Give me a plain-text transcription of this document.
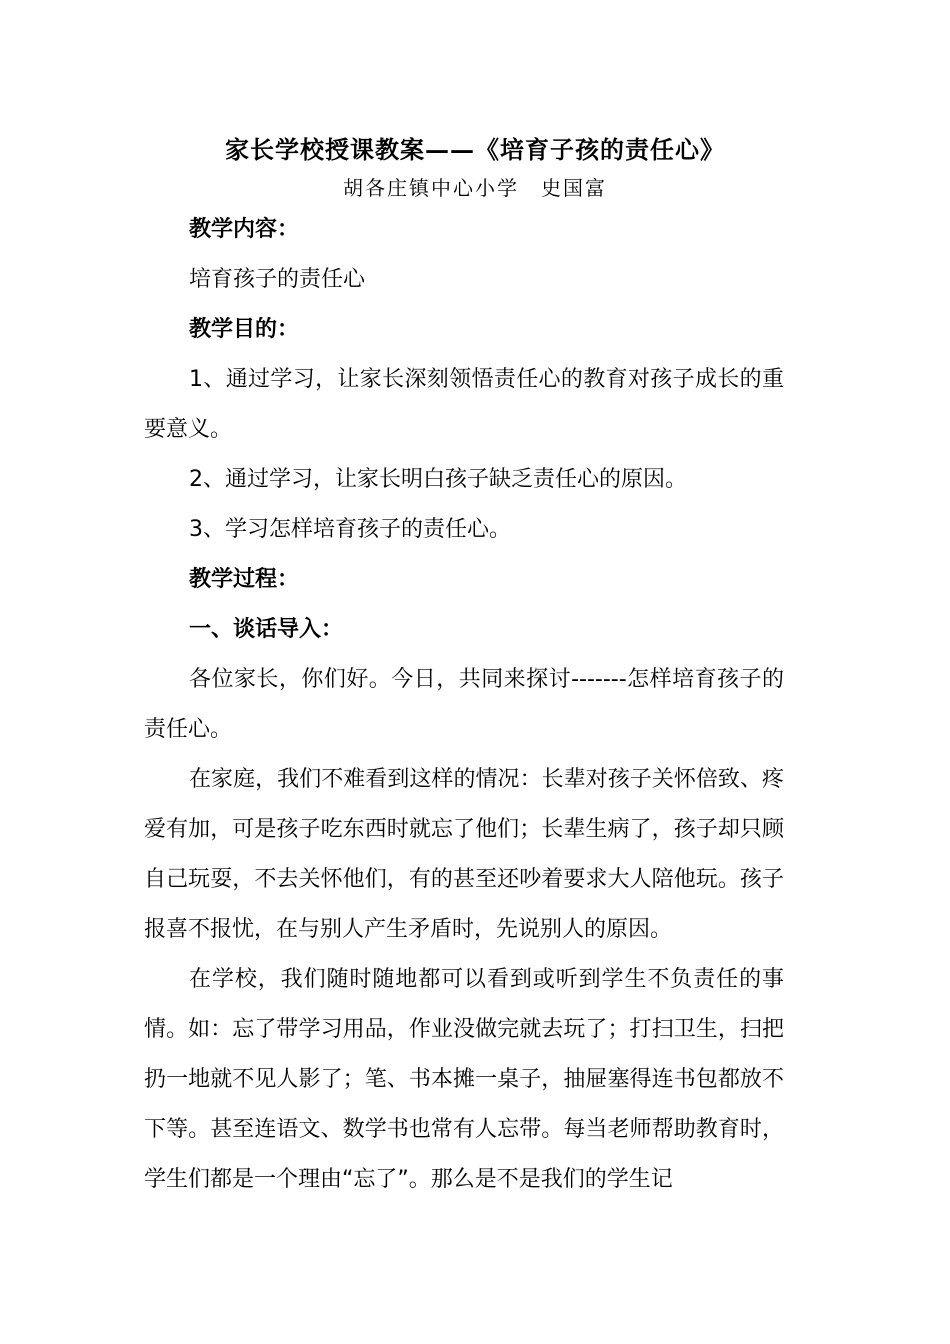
家长学校授课教案——《培育子孩的责任心》
胡各庄镇中心小学　史国富

教学内容：

培育孩子的责任心

教学目的：

1、通过学习，让家长深刻领悟责任心的教育对孩子成长的重要意义。

2、通过学习，让家长明白孩子缺乏责任心的原因。

3、学习怎样培育孩子的责任心。

教学过程：

一、谈话导入：

各位家长，你们好。今日，共同来探讨-------怎样培育孩子的责任心。

在家庭，我们不难看到这样的情况：长辈对孩子关怀倍致、疼爱有加，可是孩子吃东西时就忘了他们；长辈生病了，孩子却只顾自己玩耍，不去关怀他们，有的甚至还吵着要求大人陪他玩。孩子报喜不报忧，在与别人产生矛盾时，先说别人的原因。

在学校，我们随时随地都可以看到或听到学生不负责任的事情。如：忘了带学习用品，作业没做完就去玩了；打扫卫生，扫把扔一地就不见人影了；笔、书本摊一桌子，抽屉塞得连书包都放不下等。甚至连语文、数学书也常有人忘带。每当老师帮助教育时，学生们都是一个理由“忘了”。那么是不是我们的学生记
